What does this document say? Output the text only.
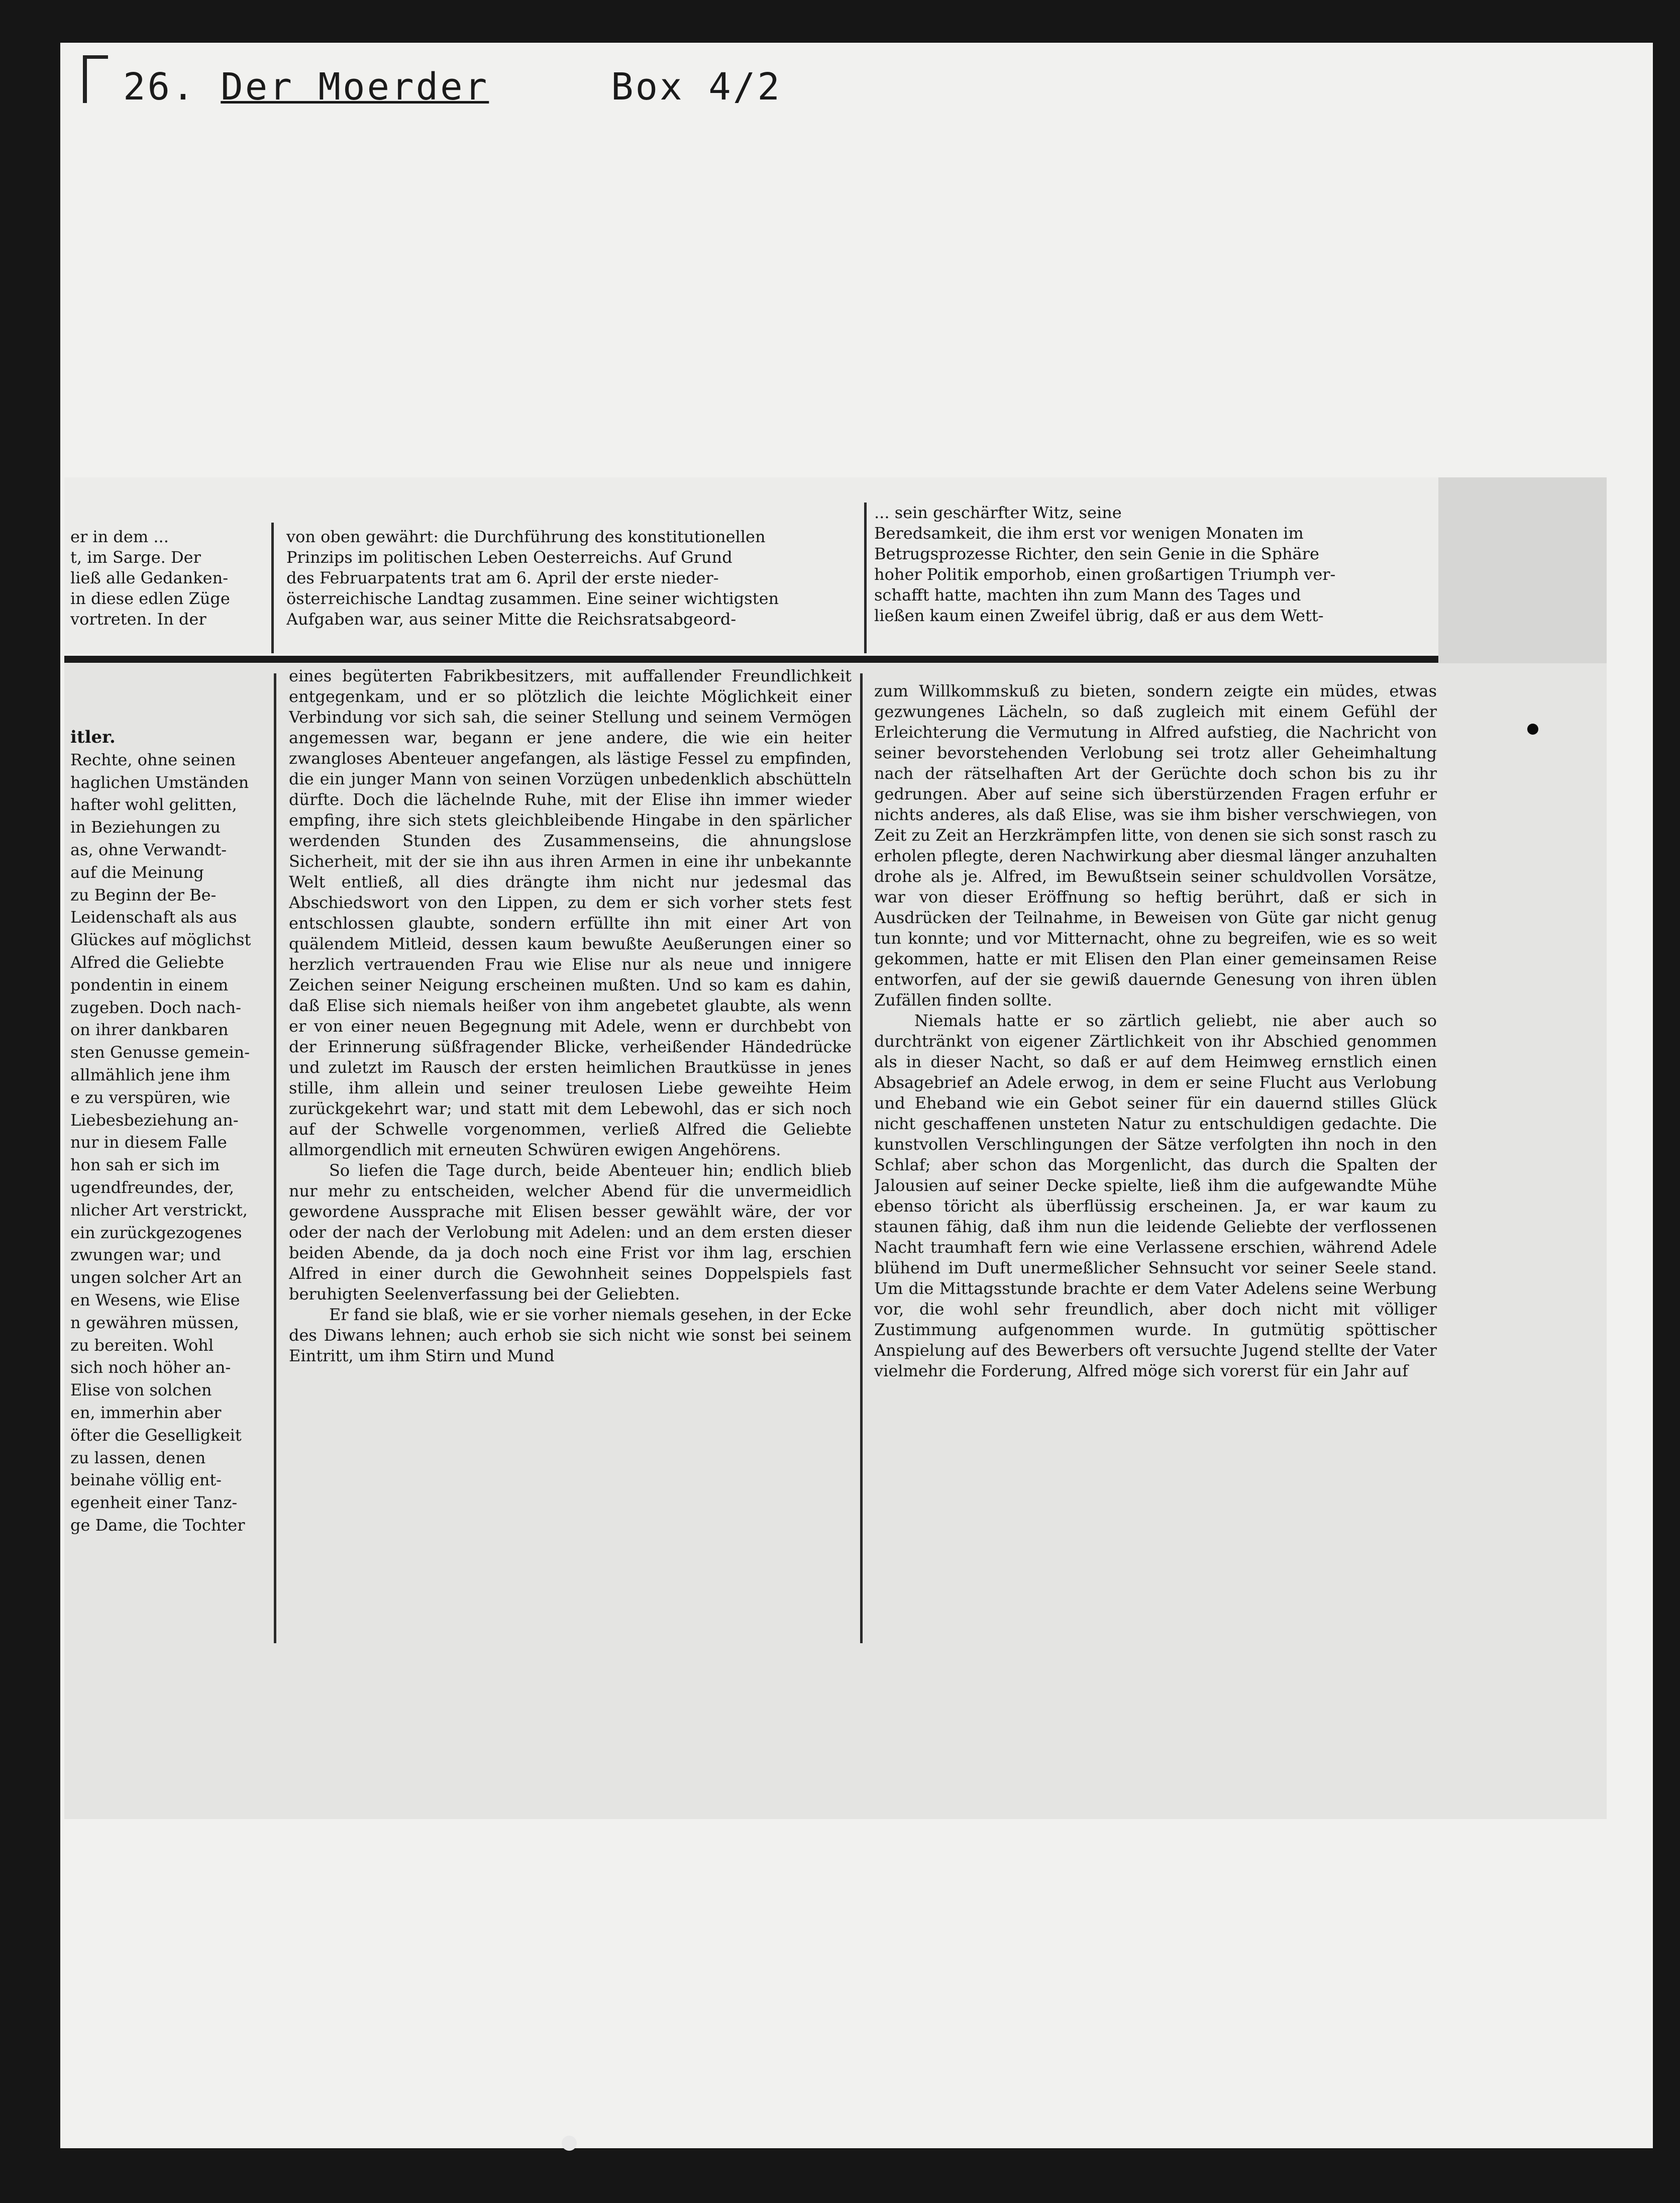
26. Der Moerder	Box 4/2

er in dem ...

t, im Sarge. Der

ließ alle Gedanken-

in diese edlen Züge

vortreten. In der

von oben gewährt: die Durchführung des konstitutionellen

Prinzips im politischen Leben Oesterreichs. Auf Grund

des Februarpatents trat am 6. April der erste nieder-

österreichische Landtag zusammen. Eine seiner wichtigsten

Aufgaben war, aus seiner Mitte die Reichsratsabgeord-

... sein geschärfter Witz, seine

Beredsamkeit, die ihm erst vor wenigen Monaten im

Betrugsprozesse Richter, den sein Genie in die Sphäre

hoher Politik emporhob, einen großartigen Triumph ver-

schafft hatte, machten ihn zum Mann des Tages und

ließen kaum einen Zweifel übrig, daß er aus dem Wett-

itler.

Rechte, ohne seinen

haglichen Umständen

hafter wohl gelitten,

in Beziehungen zu

as, ohne Verwandt-

auf die Meinung

zu Beginn der Be-

Leidenschaft als aus

Glückes auf möglichst

Alfred die Geliebte

pondentin in einem

zugeben. Doch nach-

on ihrer dankbaren

sten Genusse gemein-

allmählich jene ihm

e zu verspüren, wie

Liebesbeziehung an-

nur in diesem Falle

hon sah er sich im

ugendfreundes, der,

nlicher Art verstrickt,

ein zurückgezogenes

zwungen war; und

ungen solcher Art an

en Wesens, wie Elise

n gewähren müssen,

zu bereiten. Wohl

sich noch höher an-

Elise von solchen

en, immerhin aber

öfter die Geselligkeit

zu lassen, denen

beinahe völlig ent-

egenheit einer Tanz-

ge Dame, die Tochter

eines begüterten Fabrikbesitzers, mit auffallender Freundlichkeit entgegenkam, und er so plötzlich die leichte Möglichkeit einer Verbindung vor sich sah, die seiner Stellung und seinem Vermögen angemessen war, begann er jene andere, die wie ein heiter zwangloses Abenteuer angefangen, als lästige Fessel zu empfinden, die ein junger Mann von seinen Vorzügen unbedenklich abschütteln dürfte. Doch die lächelnde Ruhe, mit der Elise ihn immer wieder empfing, ihre sich stets gleichbleibende Hingabe in den spärlicher werdenden Stunden des Zusammenseins, die ahnungslose Sicherheit, mit der sie ihn aus ihren Armen in eine ihr unbekannte Welt entließ, all dies drängte ihm nicht nur jedesmal das Abschiedswort von den Lippen, zu dem er sich vorher stets fest entschlossen glaubte, sondern erfüllte ihn mit einer Art von quälendem Mitleid, dessen kaum bewußte Aeußerungen einer so herzlich vertrauenden Frau wie Elise nur als neue und innigere Zeichen seiner Neigung erscheinen mußten. Und so kam es dahin, daß Elise sich niemals heißer von ihm angebetet glaubte, als wenn er von einer neuen Begegnung mit Adele, wenn er durchbebt von der Erinnerung süßfragender Blicke, verheißender Händedrücke und zuletzt im Rausch der ersten heimlichen Brautküsse in jenes stille, ihm allein und seiner treulosen Liebe geweihte Heim zurückgekehrt war; und statt mit dem Lebewohl, das er sich noch auf der Schwelle vorgenommen, verließ Alfred die Geliebte allmorgendlich mit erneuten Schwüren ewigen Angehörens.

So liefen die Tage durch, beide Abenteuer hin; endlich blieb nur mehr zu entscheiden, welcher Abend für die unvermeidlich gewordene Aussprache mit Elisen besser gewählt wäre, der vor oder der nach der Verlobung mit Adelen: und an dem ersten dieser beiden Abende, da ja doch noch eine Frist vor ihm lag, erschien Alfred in einer durch die Gewohnheit seines Doppelspiels fast beruhigten Seelenverfassung bei der Geliebten.

Er fand sie blaß, wie er sie vorher niemals gesehen, in der Ecke des Diwans lehnen; auch erhob sie sich nicht wie sonst bei seinem Eintritt, um ihm Stirn und Mund

zum Willkommskuß zu bieten, sondern zeigte ein müdes, etwas gezwungenes Lächeln, so daß zugleich mit einem Gefühl der Erleichterung die Vermutung in Alfred aufstieg, die Nachricht von seiner bevorstehenden Verlobung sei trotz aller Geheimhaltung nach der rätselhaften Art der Gerüchte doch schon bis zu ihr gedrungen. Aber auf seine sich überstürzenden Fragen erfuhr er nichts anderes, als daß Elise, was sie ihm bisher verschwiegen, von Zeit zu Zeit an Herzkrämpfen litte, von denen sie sich sonst rasch zu erholen pflegte, deren Nachwirkung aber diesmal länger anzuhalten drohe als je. Alfred, im Bewußtsein seiner schuldvollen Vorsätze, war von dieser Eröffnung so heftig berührt, daß er sich in Ausdrücken der Teilnahme, in Beweisen von Güte gar nicht genug tun konnte; und vor Mitternacht, ohne zu begreifen, wie es so weit gekommen, hatte er mit Elisen den Plan einer gemeinsamen Reise entworfen, auf der sie gewiß dauernde Genesung von ihren üblen Zufällen finden sollte.

Niemals hatte er so zärtlich geliebt, nie aber auch so durchtränkt von eigener Zärtlichkeit von ihr Abschied genommen als in dieser Nacht, so daß er auf dem Heimweg ernstlich einen Absagebrief an Adele erwog, in dem er seine Flucht aus Verlobung und Eheband wie ein Gebot seiner für ein dauernd stilles Glück nicht geschaffenen unsteten Natur zu entschuldigen gedachte. Die kunstvollen Verschlingungen der Sätze verfolgten ihn noch in den Schlaf; aber schon das Morgenlicht, das durch die Spalten der Jalousien auf seiner Decke spielte, ließ ihm die aufgewandte Mühe ebenso töricht als überflüssig erscheinen. Ja, er war kaum zu staunen fähig, daß ihm nun die leidende Geliebte der verflossenen Nacht traumhaft fern wie eine Verlassene erschien, während Adele blühend im Duft unermeßlicher Sehnsucht vor seiner Seele stand. Um die Mittagsstunde brachte er dem Vater Adelens seine Werbung vor, die wohl sehr freundlich, aber doch nicht mit völliger Zustimmung aufgenommen wurde. In gutmütig spöttischer Anspielung auf des Bewerbers oft versuchte Jugend stellte der Vater vielmehr die Forderung, Alfred möge sich vorerst für ein Jahr auf
